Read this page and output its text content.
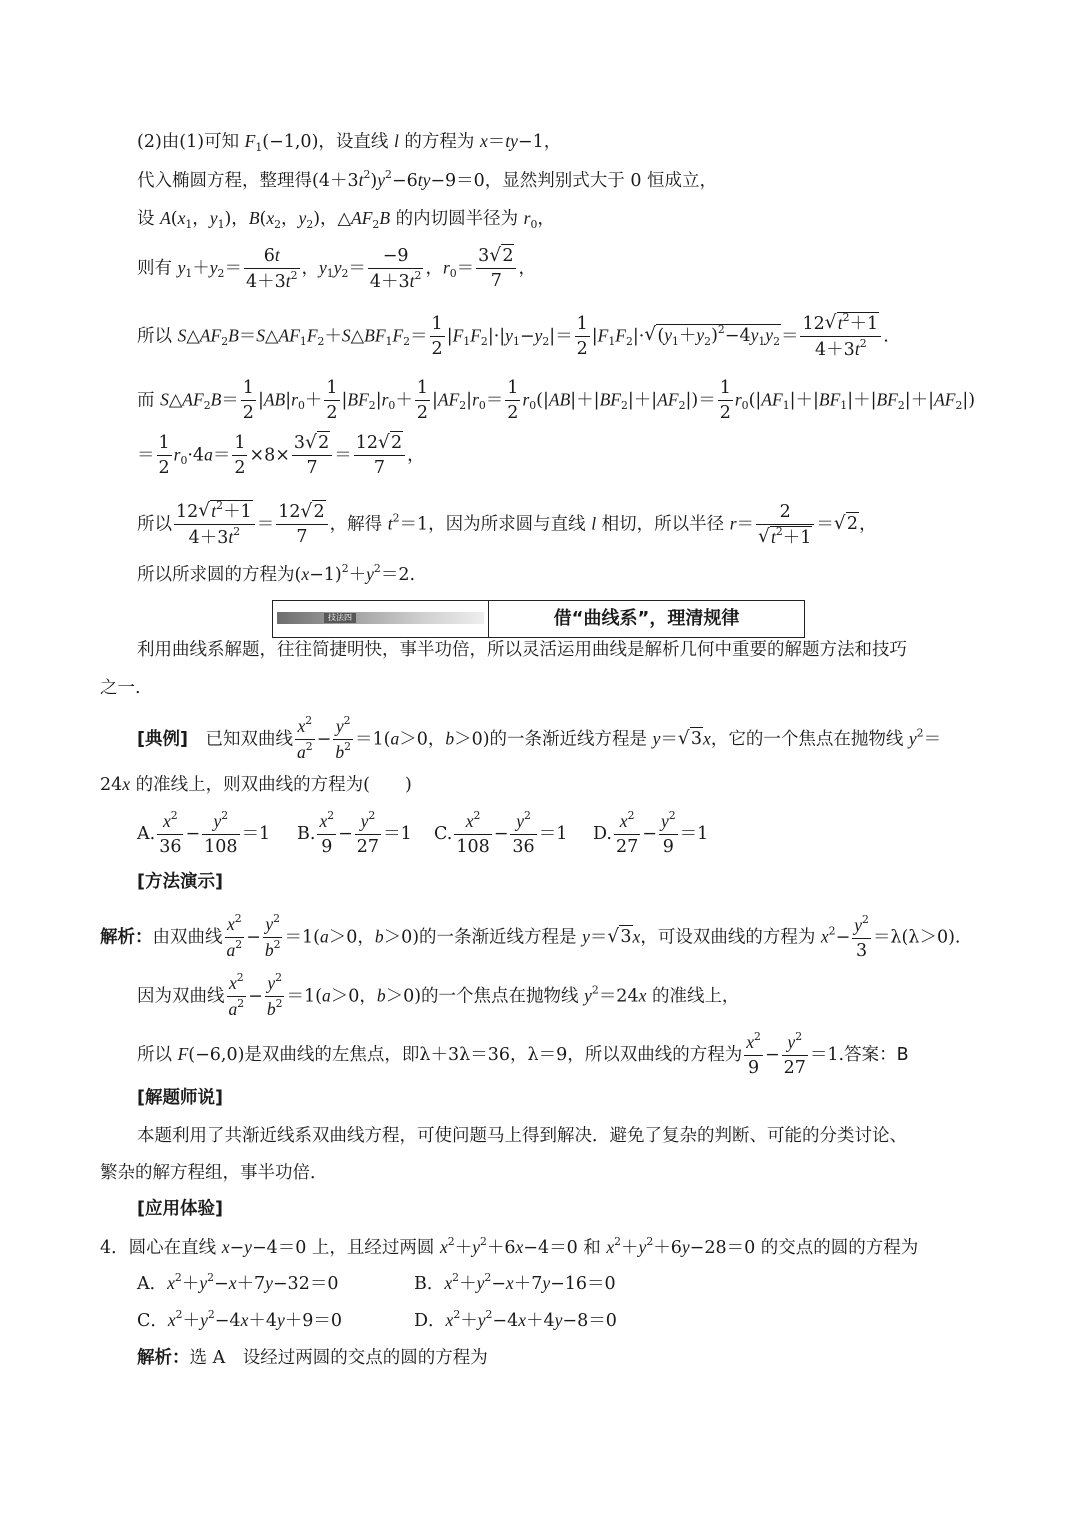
(2)由(1)可知 $F_1(-1,0)$，设直线 l 的方程为 x＝ty−1，
代入椭圆方程，整理得$(4+3t^2)y^2-6ty-9=0$，显然判别式大于 0 恒成立，
设 $A(x_1$，$y_1$)，$B(x_2$，$y_2$)，$\triangle AF_2B$ 的内切圆半径为 $r_0$，
则有 $y_1+y_2= \frac{6t}{4+3t^2}$ ，$y_1y_2= \frac{-9}{4+3t^2}$ ，$r_0= \frac{3√ 2}{7}$ ，
所以 $S\triangle AF_2B=S\triangle AF_1F_2+S\triangle BF_1F_2= \frac{1}{2} |F_1F_2|\cdot|y_1-y_2|= \frac{1}{2} |F_1F_2|\cdot√$ $(y_1+y_2)^2-4y_1y_2= \frac{12√ t^2+1}{4+3t^2}$ .
而 $S\triangle AF_2B= \frac{1}{2} |AB|r_0+ \frac{1}{2} |BF_2|r_0+ \frac{1}{2} |AF_2|r_0= \frac{1}{2} r_0(|AB|+|BF_2|+|AF_2|)= \frac{1}{2} r_0(|AF_1|+|BF_1|+|BF_2|+|AF_2|)$
＝ $\frac{1}{2} r_0\cdot 4a= \frac{1}{2} \times 8\times \frac{3√ 2}{7} = \frac{12√ 2}{7}$ ，
所以 $\frac{12√ t^2+1}{4+3t^2} = \frac{12√ 2}{7}$ ，解得 $t^2=1$，因为所求圆与直线 l 相切，所以半径 r＝ 2
√ $t^2+1$ ＝√ 2，
所以所求圆的方程为$(x-1)^2+y^2=2$.
技法四	借“曲线系”，理清规律
利用曲线系解题，往往简捷明快，事半功倍，所以灵活运用曲线是解析几何中重要的解题方法和技巧
之一.
[典例]　 已知双曲线 $\frac{x^2}{a^2} - \frac{y^2}{b^2} =1(a>0$，b＞0)的一条渐近线方程是 y＝√ 3x，它的一个焦点在抛物线 $y^2=$
24x 的准线上，则双曲线的方程为(　　)
A. $\frac{x^2}{36} - \frac{y^2}{108} =1$ B. $\frac{x^2}{9} - \frac{y^2}{27} =1$ C. $\frac{x^2}{108} - \frac{y^2}{36} =1$ D. $\frac{x^2}{27} - \frac{y^2}{9} =1$
[方法演示]
解析：由双曲线 $\frac{x^2}{a^2} - \frac{y^2}{b^2} =1(a>0$，b＞0)的一条渐近线方程是 y＝√ 3x，可设双曲线的方程为 $x^2- \frac{y^2}{3} =\lambda(\lambda>0)$.
因为双曲线 $\frac{x^2}{a^2} - \frac{y^2}{b^2} =1(a>0$，b＞0)的一个焦点在抛物线 $y^2=24x$ 的准线上，
所以 F(−6,0)是双曲线的左焦点，即λ＋3λ＝36，λ＝9，所以双曲线的方程为 $\frac{x^2}{9} - \frac{y^2}{27} =1$.答案：B
[解题师说]
本题利用了共渐近线系双曲线方程，可使问题马上得到解决．避免了复杂的判断、可能的分类讨论、
繁杂的解方程组，事半功倍．
[应用体验]
4．圆心在直线 x−y−4＝0 上，且经过两圆 $x^2+y^2+6x-4=0$ 和 $x^2+y^2+6y-28=0$ 的交点的圆的方程为
A．$x^2+y^2-x+7y-32=0$	B．$x^2+y^2-x+7y-16=0$
C．$x^2+y^2-4x+4y+9=0$	D．$x^2+y^2-4x+4y-8=0$
解析：选 A　设经过两圆的交点的圆的方程为
